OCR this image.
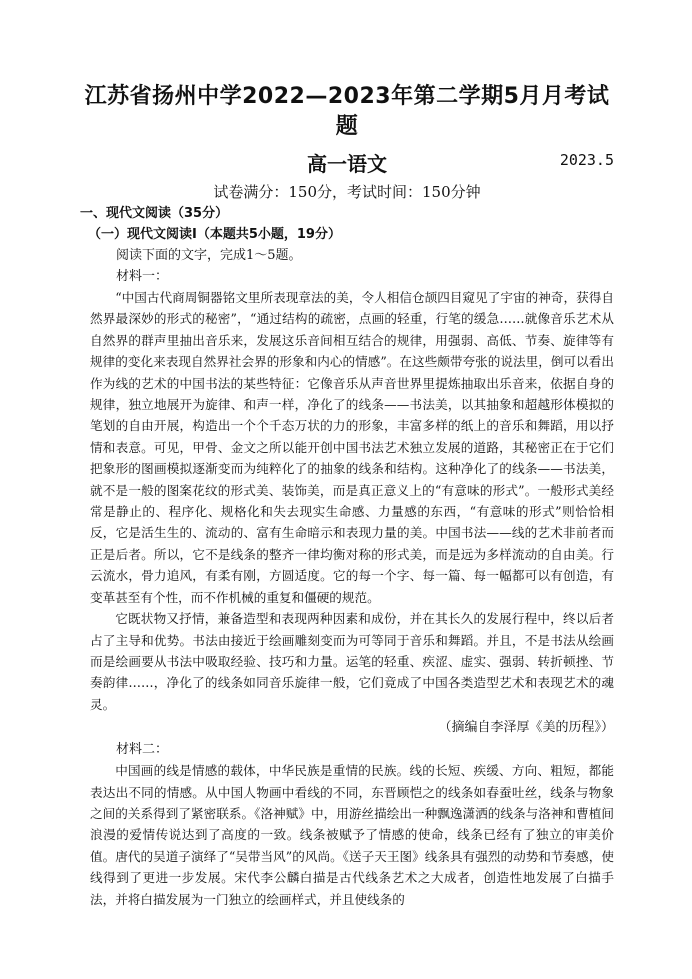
江苏省扬州中学2022—2023年第二学期5月月考试题
高一语文	2023.5
试卷满分：150分，考试时间：150分钟
一、现代文阅读（35分）
（一）现代文阅读Ⅰ（本题共5小题，19分）
阅读下面的文字，完成1～5题。
材料一：

“中国古代商周铜器铭文里所表现章法的美，令人相信仓颉四目窥见了宇宙的神奇，获得自然界最深妙的形式的秘密”，“通过结构的疏密，点画的轻重，行笔的缓急……就像音乐艺术从自然界的群声里抽出音乐来，发展这乐音间相互结合的规律，用强弱、高低、节奏、旋律等有规律的变化来表现自然界社会界的形象和内心的情感”。在这些颇带夸张的说法里，倒可以看出作为线的艺术的中国书法的某些特征：它像音乐从声音世界里提炼抽取出乐音来，依据自身的规律，独立地展开为旋律、和声一样，净化了的线条——书法美，以其抽象和超越形体模拟的笔划的自由开展，构造出一个个千态万状的力的形象，丰富多样的纸上的音乐和舞蹈，用以抒情和表意。可见，甲骨、金文之所以能开创中国书法艺术独立发展的道路，其秘密正在于它们把象形的图画模拟逐渐变而为纯粹化了的抽象的线条和结构。这种净化了的线条——书法美，就不是一般的图案花纹的形式美、装饰美，而是真正意义上的“有意味的形式”。一般形式美经常是静止的、程序化、规格化和失去现实生命感、力量感的东西，“有意味的形式”则恰恰相反，它是活生生的、流动的、富有生命暗示和表现力量的美。中国书法——线的艺术非前者而正是后者。所以，它不是线条的整齐一律均衡对称的形式美，而是远为多样流动的自由美。行云流水，骨力追风，有柔有刚，方圆适度。它的每一个字、每一篇、每一幅都可以有创造，有变革甚至有个性，而不作机械的重复和僵硬的规范。

它既状物又抒情，兼备造型和表现两种因素和成份，并在其长久的发展行程中，终以后者占了主导和优势。书法由接近于绘画雕刻变而为可等同于音乐和舞蹈。并且，不是书法从绘画而是绘画要从书法中吸取经验、技巧和力量。运笔的轻重、疾涩、虚实、强弱、转折顿挫、节奏韵律……，净化了的线条如同音乐旋律一般，它们竟成了中国各类造型艺术和表现艺术的魂灵。

（摘编自李泽厚《美的历程》）
材料二：

中国画的线是情感的载体，中华民族是重情的民族。线的长短、疾缓、方向、粗短，都能表达出不同的情感。从中国人物画中看线的不同，东晋顾恺之的线条如春蚕吐丝，线条与物象之间的关系得到了紧密联系。《洛神赋》中，用游丝描绘出一种飘逸潇洒的线条与洛神和曹植间浪漫的爱情传说达到了高度的一致。线条被赋予了情感的使命，线条已经有了独立的审美价值。唐代的吴道子演绎了“吴带当风”的风尚。《送子天王图》线条具有强烈的动势和节奏感，使线得到了更进一步发展。宋代李公麟白描是古代线条艺术之大成者，创造性地发展了白描手法，并将白描发展为一门独立的绘画样式，并且使线条的
